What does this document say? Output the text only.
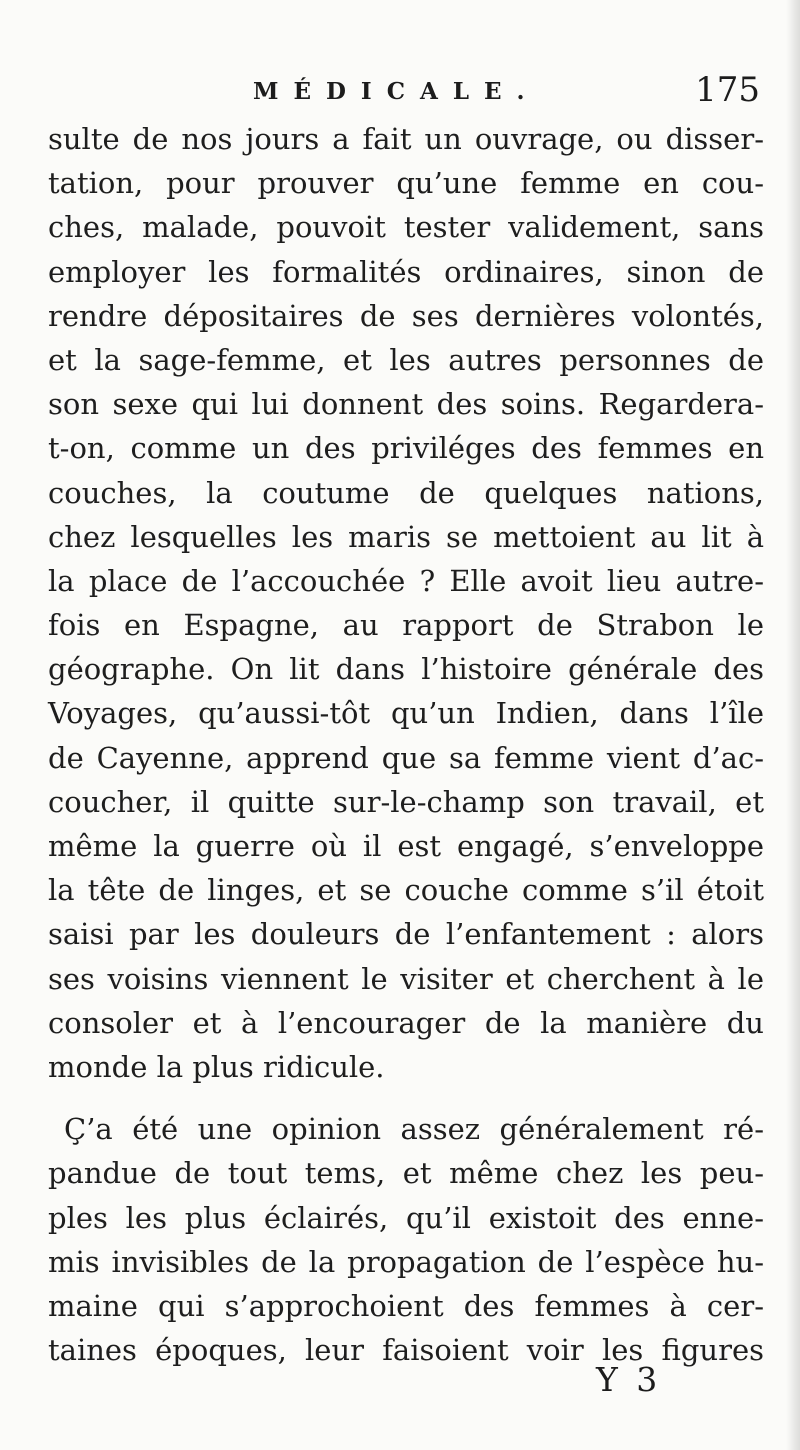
MÉDICALE.	175
sulte de nos jours a fait un ouvrage, ou disser-
tation, pour prouver qu’une femme en cou-
ches, malade, pouvoit tester validement, sans
employer les formalités ordinaires, sinon de
rendre dépositaires de ses dernières volontés,
et la sage-femme, et les autres personnes de
son sexe qui lui donnent des soins. Regardera-
t-on, comme un des priviléges des femmes en
couches, la coutume de quelques nations,
chez lesquelles les maris se mettoient au lit à
la place de l’accouchée ? Elle avoit lieu autre-
fois en Espagne, au rapport de Strabon le
géographe. On lit dans l’histoire générale des
Voyages, qu’aussi-tôt qu’un Indien, dans l’île
de Cayenne, apprend que sa femme vient d’ac-
coucher, il quitte sur-le-champ son travail, et
même la guerre où il est engagé, s’enveloppe
la tête de linges, et se couche comme s’il étoit
saisi par les douleurs de l’enfantement : alors
ses voisins viennent le visiter et cherchent à le
consoler et à l’encourager de la manière du
monde la plus ridicule.
Ç’a été une opinion assez généralement ré-
pandue de tout tems, et même chez les peu-
ples les plus éclairés, qu’il existoit des enne-
mis invisibles de la propagation de l’espèce hu-
maine qui s’approchoient des femmes à cer-
taines époques, leur faisoient voir les figures
Y 3
